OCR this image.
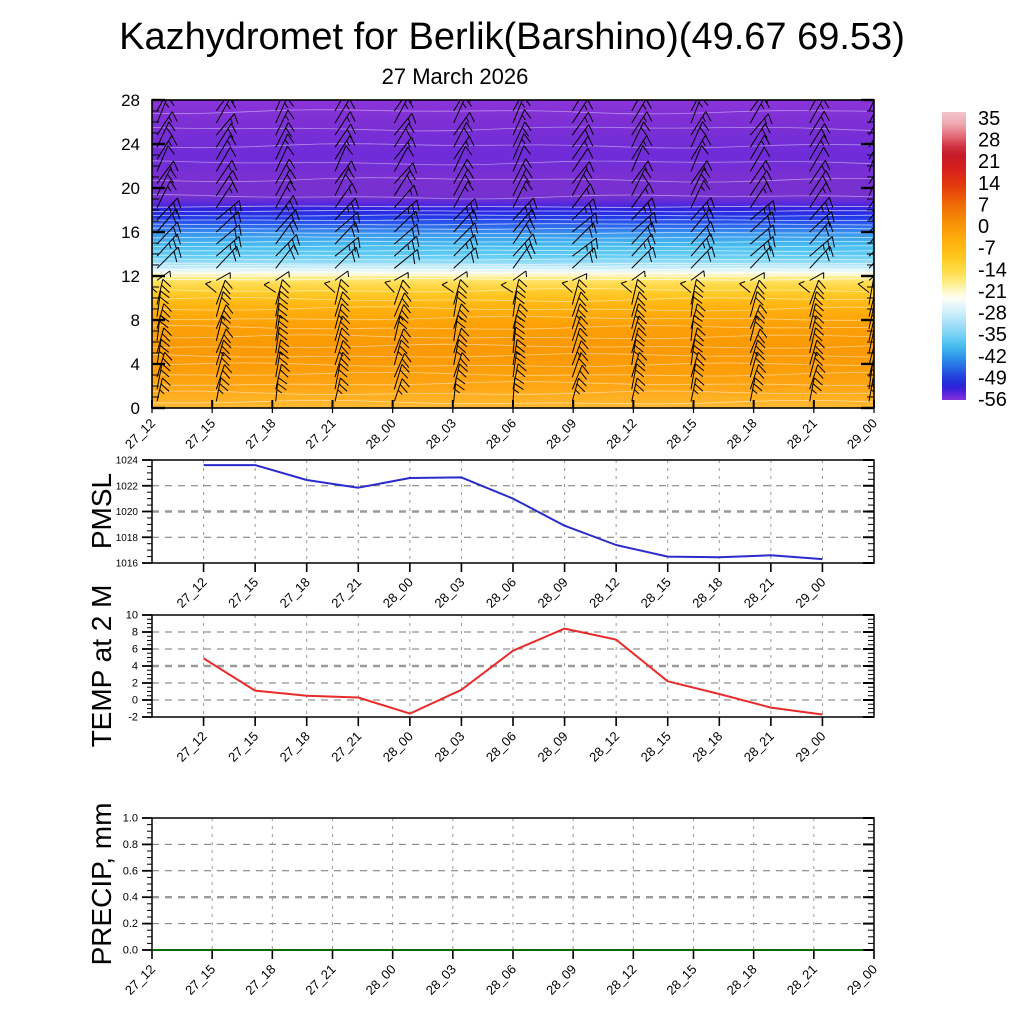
Kazhydromet for Berlik(Barshino)(49.67 69.53)
27 March 2026
PMSL
TEMP at 2 M
PRECIP, mm
0
4
8
12
16
20
24
28
27_12 27_15 27_18 27_21 28_00 28_03 28_06 28_09 28_12 28_15 28_18 28_21 29_00
35
28
21
14
7
0
-7
-14
-21
-28
-35
-42
-49
-56
1016
1018
1020
1022
1024
27_12 27_15 27_18 27_21 28_00 28_03 28_06 28_09 28_12 28_15 28_18 28_21 29_00
-2
0
2
4
6
8
10
27_12 27_15 27_18 27_21 28_00 28_03 28_06 28_09 28_12 28_15 28_18 28_21 29_00
0.0
0.2
0.4
0.6
0.8
1.0
27_12 27_15 27_18 27_21 28_00 28_03 28_06 28_09 28_12 28_15 28_18 28_21 29_00
